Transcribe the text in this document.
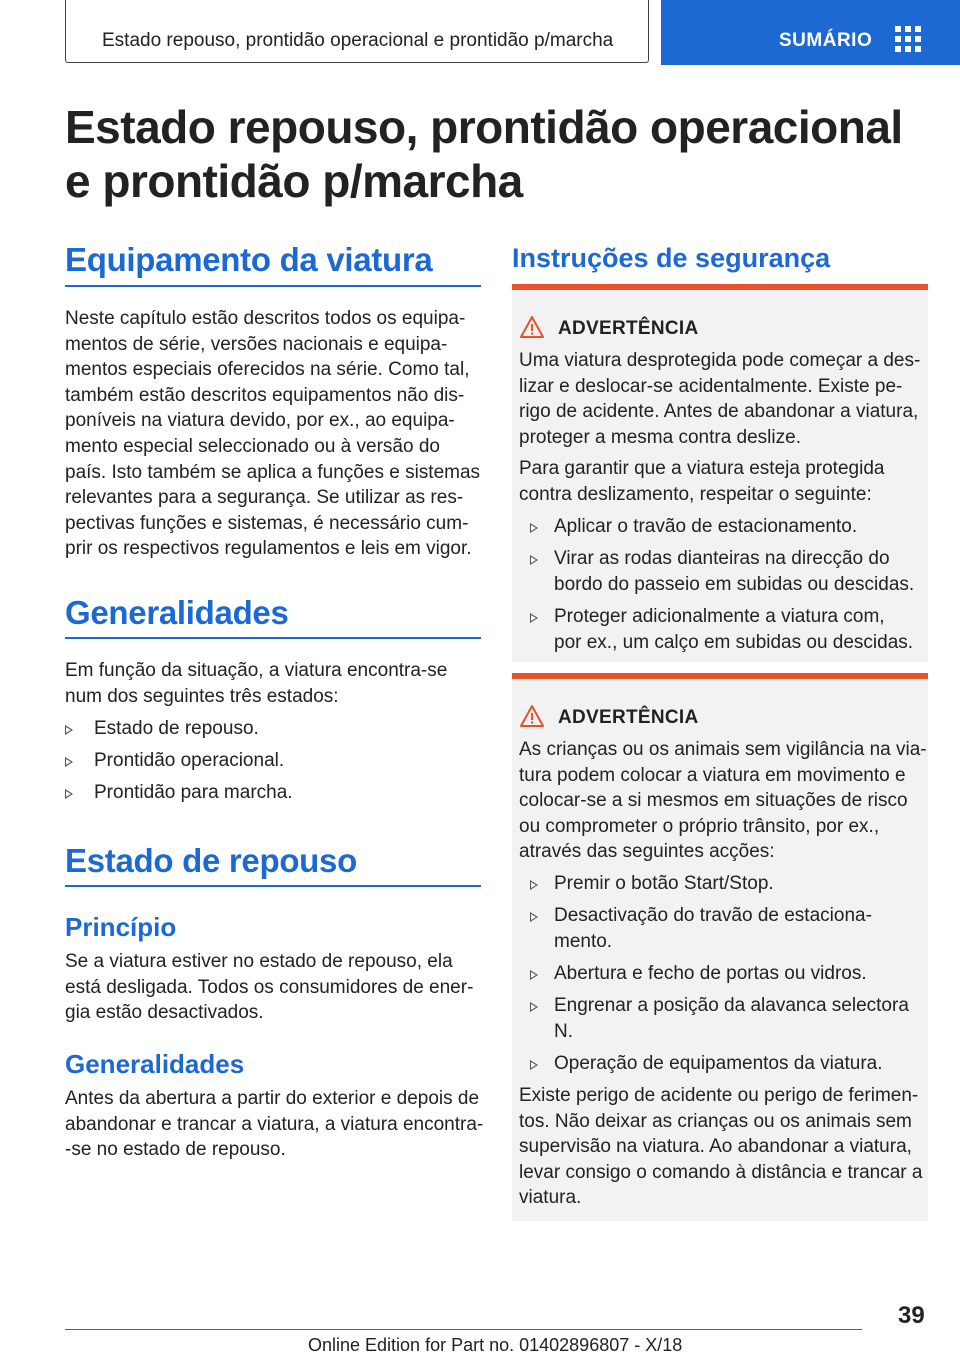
Estado repouso, prontidão operacional e prontidão p/marcha	SUMÁRIO
Estado repouso, prontidão operacional e prontidão p/marcha
Equipamento da viatura
Neste capítulo estão descritos todos os equipa-
mentos de série, versões nacionais e equipa-
mentos especiais oferecidos na série. Como tal,
também estão descritos equipamentos não dis-
poníveis na viatura devido, por ex., ao equipa-
mento especial seleccionado ou à versão do
país. Isto também se aplica a funções e sistemas
relevantes para a segurança. Se utilizar as res-
pectivas funções e sistemas, é necessário cum-
prir os respectivos regulamentos e leis em vigor.
Generalidades
Em função da situação, a viatura encontra-se
num dos seguintes três estados:
Estado de repouso.
Prontidão operacional.
Prontidão para marcha.
Estado de repouso
Princípio
Se a viatura estiver no estado de repouso, ela
está desligada. Todos os consumidores de ener-
gia estão desactivados.
Generalidades
Antes da abertura a partir do exterior e depois de
abandonar e trancar a viatura, a viatura encontra-
-se no estado de repouso.
Instruções de segurança
ADVERTÊNCIA
Uma viatura desprotegida pode começar a des-
lizar e deslocar-se acidentalmente. Existe pe-
rigo de acidente. Antes de abandonar a viatura,
proteger a mesma contra deslize.
Para garantir que a viatura esteja protegida
contra deslizamento, respeitar o seguinte:
Aplicar o travão de estacionamento.
Virar as rodas dianteiras na direcção do
bordo do passeio em subidas ou descidas.
Proteger adicionalmente a viatura com,
por ex., um calço em subidas ou descidas.
ADVERTÊNCIA
As crianças ou os animais sem vigilância na via-
tura podem colocar a viatura em movimento e
colocar-se a si mesmos em situações de risco
ou comprometer o próprio trânsito, por ex.,
através das seguintes acções:
Premir o botão Start/Stop.
Desactivação do travão de estaciona-
mento.
Abertura e fecho de portas ou vidros.
Engrenar a posição da alavanca selectora
N.
Operação de equipamentos da viatura.
Existe perigo de acidente ou perigo de ferimen-
tos. Não deixar as crianças ou os animais sem
supervisão na viatura. Ao abandonar a viatura,
levar consigo o comando à distância e trancar a
viatura.
39
Online Edition for Part no. 01402896807 - X/18
